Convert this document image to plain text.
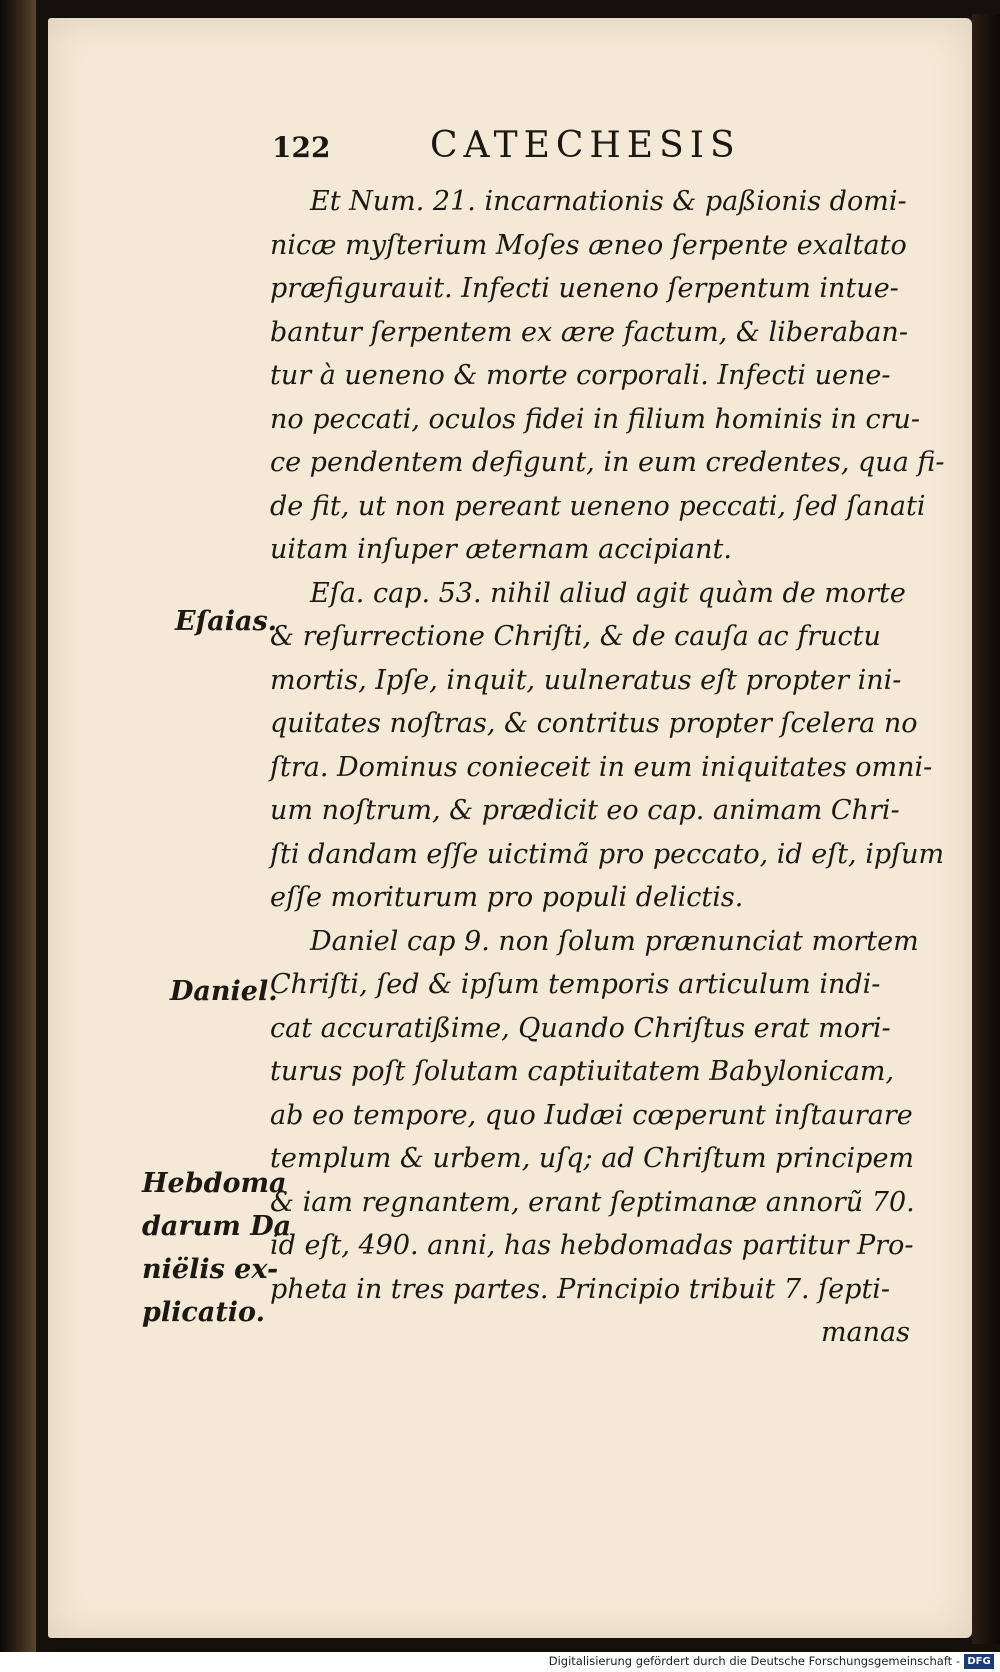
122	CATECHESIS
Et Num. 21. incarnationis & paßionis domi-
nicæ myſterium Moſes æneo ſerpente exaltato
præfigurauit. Infecti ueneno ſerpentum intue-
bantur ſerpentem ex ære factum, & liberaban-
tur à ueneno & morte corporali. Infecti uene-
no peccati, oculos fidei in filium hominis in cru-
ce pendentem defigunt, in eum credentes, qua fi-
de fit, ut non pereant ueneno peccati, ſed ſanati
uitam inſuper æternam accipiant.
Eſa. cap. 53. nihil aliud agit quàm de morte
& reſurrectione Chriſti, & de cauſa ac fructu
mortis, Ipſe, inquit, uulneratus eſt propter ini-
quitates noſtras, & contritus propter ſcelera no
ſtra. Dominus conieceit in eum iniquitates omni-
um noſtrum, & prædicit eo cap. animam Chri-
ſti dandam eſſe uictimã pro peccato, id eſt, ipſum
eſſe moriturum pro populi delictis.
Daniel cap 9. non ſolum prænunciat mortem
Chriſti, ſed & ipſum temporis articulum indi-
cat accuratißime, Quando Chriſtus erat mori-
turus poſt ſolutam captiuitatem Babylonicam,
ab eo tempore, quo Iudæi cœperunt inſtaurare
templum & urbem, uſq; ad Chriſtum principem
& iam regnantem, erant ſeptimanæ annorũ 70.
id eſt, 490. anni, has hebdomadas partitur Pro-
pheta in tres partes. Principio tribuit 7. ſepti-
manas
Eſaias.
Daniel.
Hebdoma
darum Da
niëlis ex-
plicatio.
Digitalisierung gefördert durch die Deutsche Forschungsgemeinschaft - DFG
